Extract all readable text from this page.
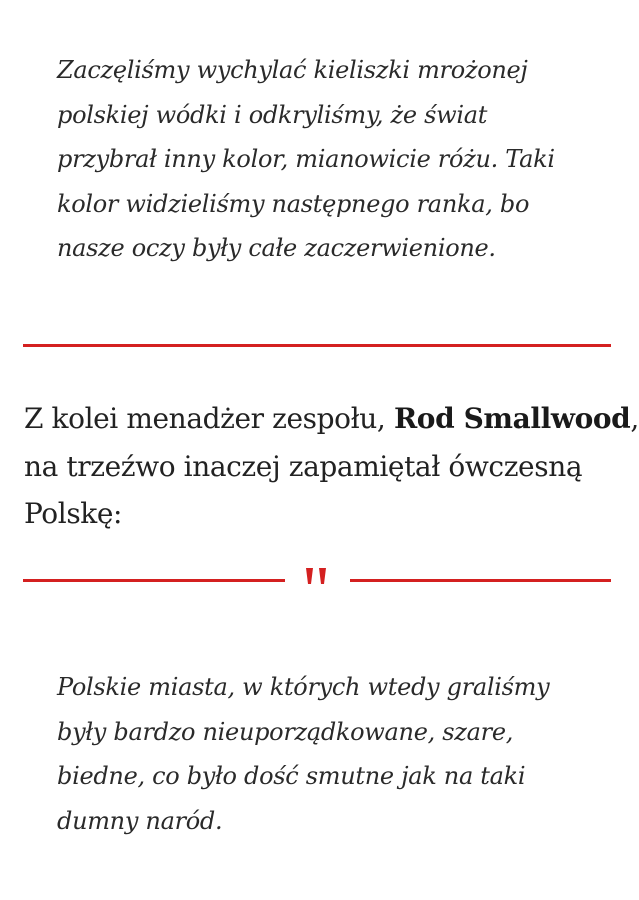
Zaczęliśmy wychylać kieliszki mrożonej
polskiej wódki i odkryliśmy, że świat
przybrał inny kolor, mianowicie różu. Taki
kolor widzieliśmy następnego ranka, bo
nasze oczy były całe zaczerwienione.
Z kolei menadżer zespołu, Rod Smallwood,
na trzeźwo inaczej zapamiętał ówczesną
Polskę:
Polskie miasta, w których wtedy graliśmy
były bardzo nieuporządkowane, szare,
biedne, co było dość smutne jak na taki
dumny naród.
